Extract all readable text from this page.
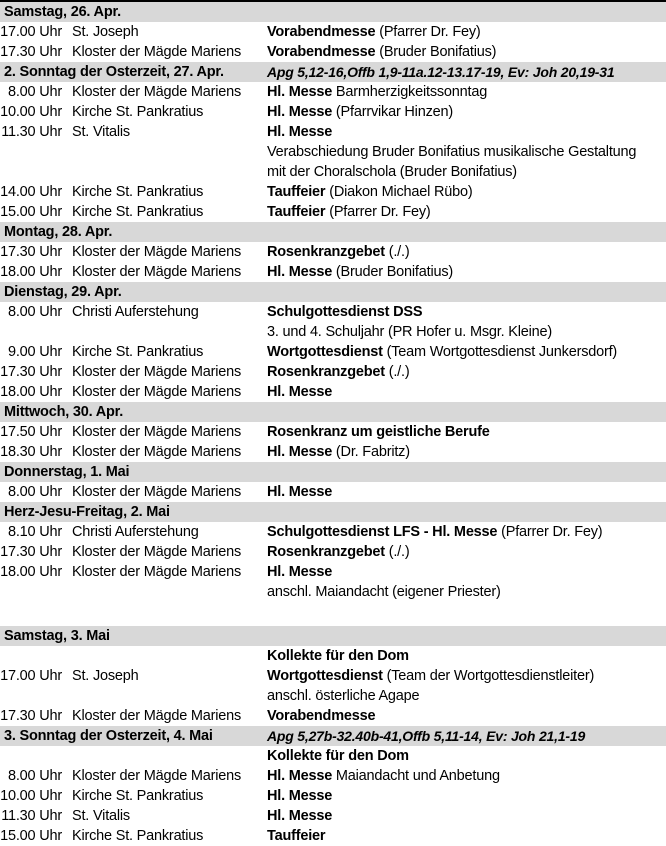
Samstag, 26. Apr.
17.00 Uhr St. Joseph	Vorabendmesse (Pfarrer Dr. Fey)
17.30 Uhr Kloster der Mägde Mariens	Vorabendmesse (Bruder Bonifatius)
2. Sonntag der Osterzeit, 27. Apr.	Apg 5,12-16,Offb 1,9-11a.12-13.17-19, Ev: Joh 20,19-31
8.00 Uhr Kloster der Mägde Mariens	Hl. Messe Barmherzigkeitssonntag
10.00 Uhr Kirche St. Pankratius	Hl. Messe (Pfarrvikar Hinzen)
11.30 Uhr St. Vitalis	Hl. Messe
Verabschiedung Bruder Bonifatius musikalische Gestaltung
mit der Choralschola (Bruder Bonifatius)
14.00 Uhr Kirche St. Pankratius	Tauffeier (Diakon Michael Rübo)
15.00 Uhr Kirche St. Pankratius	Tauffeier (Pfarrer Dr. Fey)
Montag, 28. Apr.
17.30 Uhr Kloster der Mägde Mariens	Rosenkranzgebet (./.)
18.00 Uhr Kloster der Mägde Mariens	Hl. Messe (Bruder Bonifatius)
Dienstag, 29. Apr.
8.00 Uhr Christi Auferstehung	Schulgottesdienst DSS
3. und 4. Schuljahr (PR Hofer u. Msgr. Kleine)
9.00 Uhr Kirche St. Pankratius	Wortgottesdienst (Team Wortgottesdienst Junkersdorf)
17.30 Uhr Kloster der Mägde Mariens	Rosenkranzgebet (./.)
18.00 Uhr Kloster der Mägde Mariens	Hl. Messe
Mittwoch, 30. Apr.
17.50 Uhr Kloster der Mägde Mariens	Rosenkranz um geistliche Berufe
18.30 Uhr Kloster der Mägde Mariens	Hl. Messe (Dr. Fabritz)
Donnerstag, 1. Mai
8.00 Uhr Kloster der Mägde Mariens	Hl. Messe
Herz-Jesu-Freitag, 2. Mai
8.10 Uhr Christi Auferstehung	Schulgottesdienst LFS - Hl. Messe (Pfarrer Dr. Fey)
17.30 Uhr Kloster der Mägde Mariens	Rosenkranzgebet (./.)
18.00 Uhr Kloster der Mägde Mariens	Hl. Messe
anschl. Maiandacht (eigener Priester)
Samstag, 3. Mai
Kollekte für den Dom
17.00 Uhr St. Joseph	Wortgottesdienst (Team der Wortgottesdienstleiter)
anschl. österliche Agape
17.30 Uhr Kloster der Mägde Mariens	Vorabendmesse
3. Sonntag der Osterzeit, 4. Mai	Apg 5,27b-32.40b-41,Offb 5,11-14, Ev: Joh 21,1-19
Kollekte für den Dom
8.00 Uhr Kloster der Mägde Mariens	Hl. Messe Maiandacht und Anbetung
10.00 Uhr Kirche St. Pankratius	Hl. Messe
11.30 Uhr St. Vitalis	Hl. Messe
15.00 Uhr Kirche St. Pankratius	Tauffeier
